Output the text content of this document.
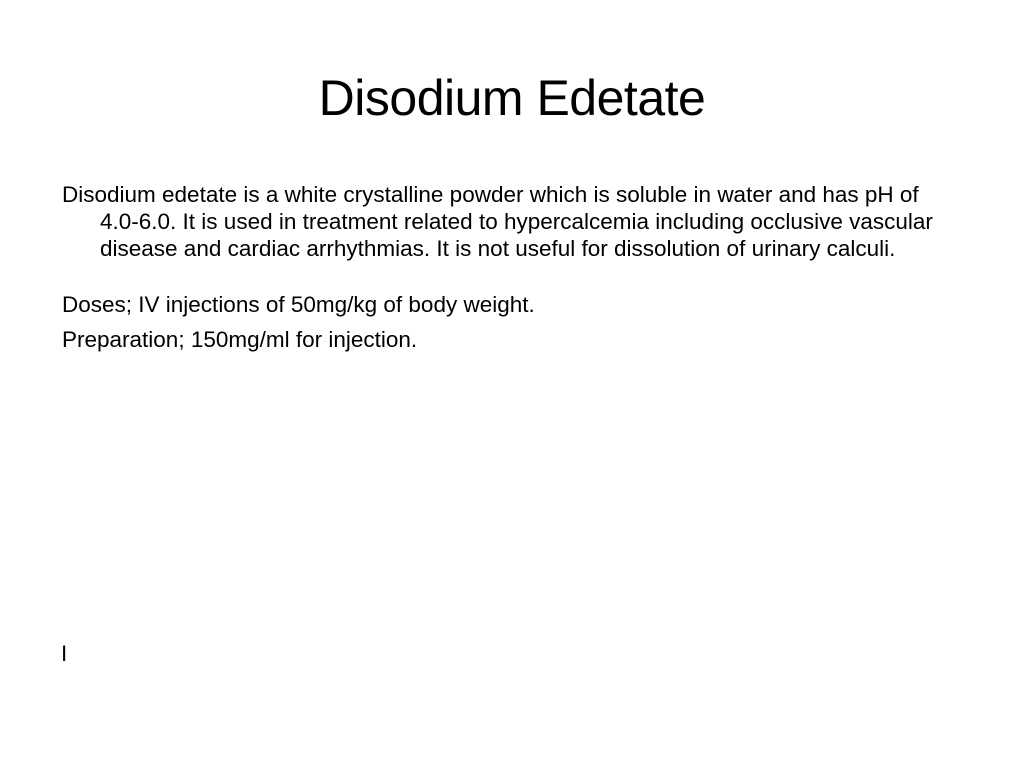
Disodium Edetate

Disodium edetate is a white crystalline powder which is soluble in water and has pH of 4.0-6.0. It is used in treatment related to hypercalcemia including occlusive vascular disease and cardiac arrhythmias. It is not useful for dissolution of urinary calculi.

Doses; IV injections of 50mg/kg of body weight.

Preparation; 150mg/ml for injection.

I
